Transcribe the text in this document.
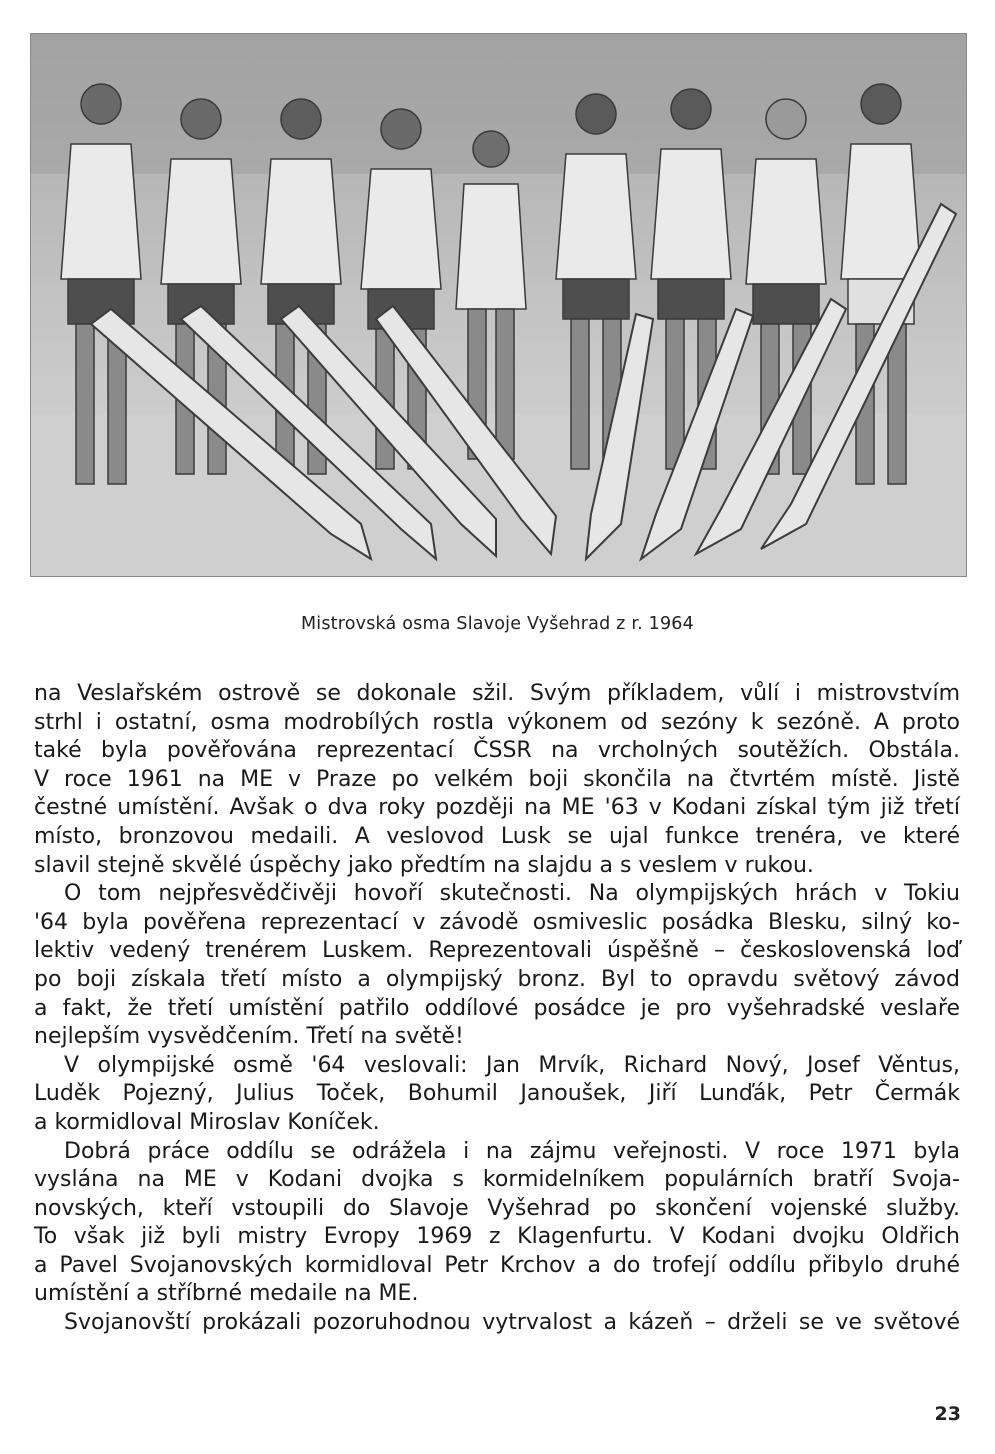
Mistrovská osma Slavoje Vyšehrad z r. 1964

na Veslařském ostrově se dokonale sžil. Svým příkladem, vůlí i mistrovstvím

strhl i ostatní, osma modrobílých rostla výkonem od sezóny k sezóně. A proto

také byla pověřována reprezentací ČSSR na vrcholných soutěžích. Obstála.

V roce 1961 na ME v Praze po velkém boji skončila na čtvrtém místě. Jistě

čestné umístění. Avšak o dva roky později na ME '63 v Kodani získal tým již třetí

místo, bronzovou medaili. A veslovod Lusk se ujal funkce trenéra, ve které

slavil stejně skvělé úspěchy jako předtím na slajdu a s veslem v rukou.

O tom nejpřesvědčivěji hovoří skutečnosti. Na olympijských hrách v Tokiu

'64 byla pověřena reprezentací v závodě osmiveslic posádka Blesku, silný ko-

lektiv vedený trenérem Luskem. Reprezentovali úspěšně – československá loď

po boji získala třetí místo a olympijský bronz. Byl to opravdu světový závod

a fakt, že třetí umístění patřilo oddílové posádce je pro vyšehradské veslaře

nejlepším vysvědčením. Třetí na světě!

V olympijské osmě '64 veslovali: Jan Mrvík, Richard Nový, Josef Věntus,

Luděk Pojezný, Julius Toček, Bohumil Janoušek, Jiří Lunďák, Petr Čermák

a kormidloval Miroslav Koníček.

Dobrá práce oddílu se odrážela i na zájmu veřejnosti. V roce 1971 byla

vyslána na ME v Kodani dvojka s kormidelníkem populárních bratří Svoja-

novských, kteří vstoupili do Slavoje Vyšehrad po skončení vojenské služby.

To však již byli mistry Evropy 1969 z Klagenfurtu. V Kodani dvojku Oldřich

a Pavel Svojanovských kormidloval Petr Krchov a do trofejí oddílu přibylo druhé

umístění a stříbrné medaile na ME.

Svojanovští prokázali pozoruhodnou vytrvalost a kázeň – drželi se ve světové

23
